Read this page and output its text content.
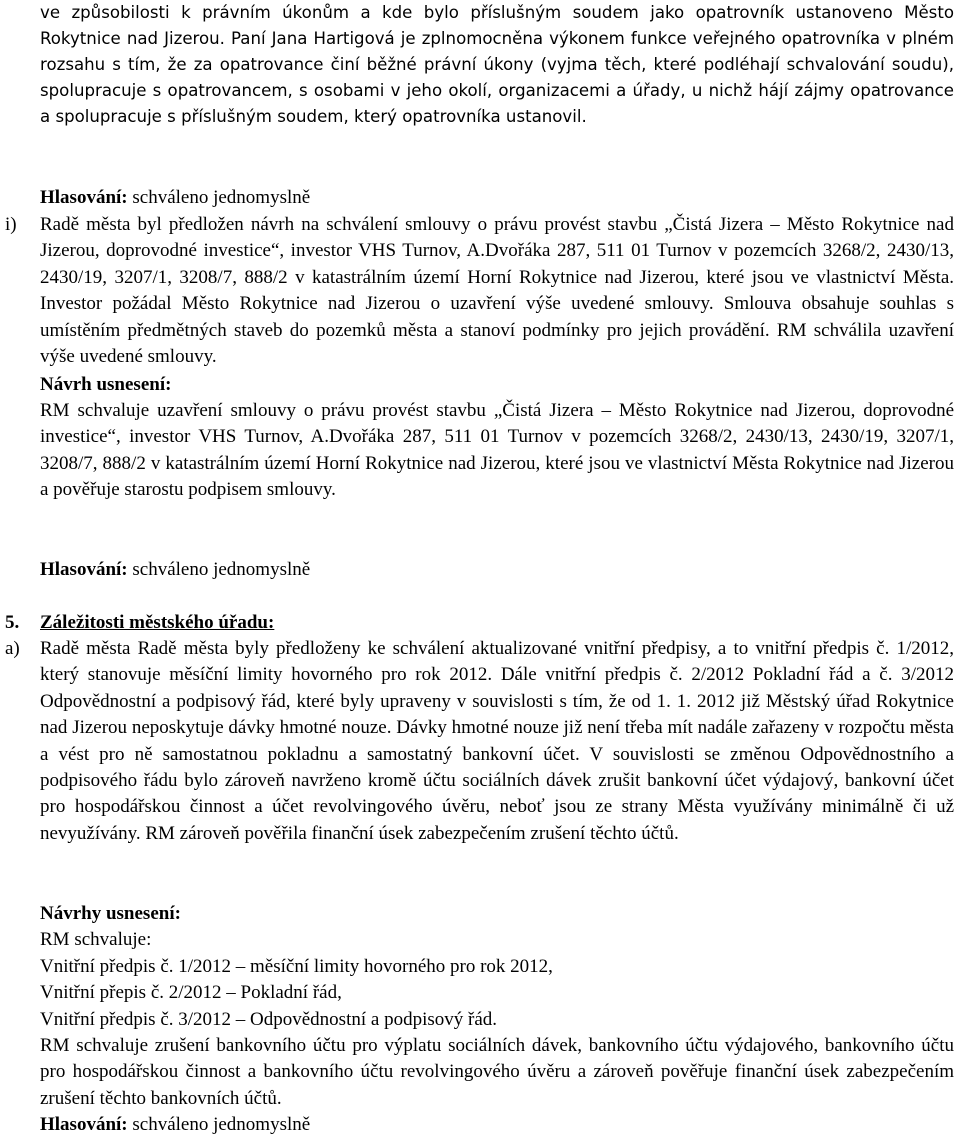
ve způsobilosti k právním úkonům a kde bylo příslušným soudem jako opatrovník ustanoveno Město Rokytnice nad Jizerou. Paní Jana Hartigová je zplnomocněna výkonem funkce veřejného opatrovníka v plném rozsahu s tím, že za opatrovance činí běžné právní úkony (vyjma těch, které podléhají schvalování soudu), spolupracuje s opatrovancem, s osobami v jeho okolí, organizacemi a úřady, u nichž hájí zájmy opatrovance a spolupracuje s příslušným soudem, který opatrovníka ustanovil.

Hlasování: schváleno jednomyslně
i) Radě města byl předložen návrh na schválení smlouvy o právu provést stavbu „Čistá Jizera – Město Rokytnice nad Jizerou, doprovodné investice“, investor VHS Turnov, A.Dvořáka 287, 511 01 Turnov v pozemcích 3268/2, 2430/13, 2430/19, 3207/1, 3208/7, 888/2 v katastrálním území Horní Rokytnice nad Jizerou, které jsou ve vlastnictví Města. Investor požádal Město Rokytnice nad Jizerou o uzavření výše uvedené smlouvy. Smlouva obsahuje souhlas s umístěním předmětných staveb do pozemků města a stanoví podmínky pro jejich provádění. RM schválila uzavření výše uvedené smlouvy.

Návrh usnesení:

RM schvaluje uzavření smlouvy o právu provést stavbu „Čistá Jizera – Město Rokytnice nad Jizerou, doprovodné investice“, investor VHS Turnov, A.Dvořáka 287, 511 01 Turnov v pozemcích 3268/2, 2430/13, 2430/19, 3207/1, 3208/7, 888/2 v katastrálním území Horní Rokytnice nad Jizerou, které jsou ve vlastnictví Města Rokytnice nad Jizerou a pověřuje starostu podpisem smlouvy.

Hlasování: schváleno jednomyslně
5. Záležitosti městského úřadu:
a) Radě města Radě města byly předloženy ke schválení aktualizované vnitřní předpisy, a to vnitřní předpis č. 1/2012, který stanovuje měsíční limity hovorného pro rok 2012. Dále vnitřní předpis č. 2/2012 Pokladní řád a č. 3/2012 Odpovědnostní a podpisový řád, které byly upraveny v souvislosti s tím, že od 1. 1. 2012 již Městský úřad Rokytnice nad Jizerou neposkytuje dávky hmotné nouze. Dávky hmotné nouze již není třeba mít nadále zařazeny v rozpočtu města a vést pro ně samostatnou pokladnu a samostatný bankovní účet. V souvislosti se změnou Odpovědnostního a podpisového řádu bylo zároveň navrženo kromě účtu sociálních dávek zrušit bankovní účet výdajový, bankovní účet pro hospodářskou činnost a účet revolvingového úvěru, neboť jsou ze strany Města využívány minimálně či už nevyužívány. RM zároveň pověřila finanční úsek zabezpečením zrušení těchto účtů.

Návrhy usnesení:
RM schvaluje:
Vnitřní předpis č. 1/2012 – měsíční limity hovorného pro rok 2012,
Vnitřní přepis č. 2/2012 – Pokladní řád,
Vnitřní předpis č. 3/2012 – Odpovědnostní a podpisový řád.

RM schvaluje zrušení bankovního účtu pro výplatu sociálních dávek, bankovního účtu výdajového, bankovního účtu pro hospodářskou činnost a bankovního účtu revolvingového úvěru a zároveň pověřuje finanční úsek zabezpečením zrušení těchto bankovních účtů.

Hlasování: schváleno jednomyslně
